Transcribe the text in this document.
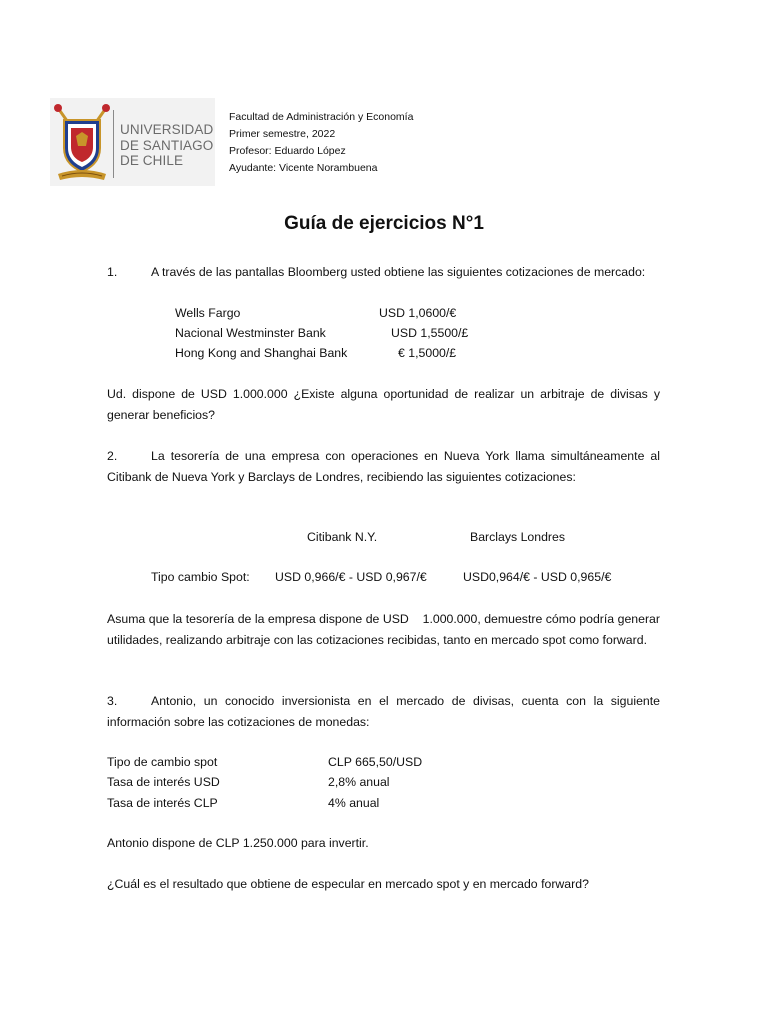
UNIVERSIDAD
DE SANTIAGO
DE CHILE
Facultad de Administración y Economía
Primer semestre, 2022
Profesor: Eduardo López
Ayudante: Vicente Norambuena
Guía de ejercicios N°1
1.	A través de las pantallas Bloomberg usted obtiene las siguientes cotizaciones de mercado:
Wells Fargo	USD 1,0600/€
Nacional Westminster Bank	USD 1,5500/£
Hong Kong and Shanghai Bank	€ 1,5000/£
Ud. dispone de USD 1.000.000 ¿Existe alguna oportunidad de realizar un arbitraje de divisas y generar beneficios?
2.	La tesorería de una empresa con operaciones en Nueva York llama simultáneamente al Citibank de Nueva York y Barclays de Londres, recibiendo las siguientes cotizaciones:
Citibank N.Y.	Barclays Londres
Tipo cambio Spot: USD 0,966/€ - USD 0,967/€	USD0,964/€ - USD 0,965/€
Asuma que la tesorería de la empresa dispone de USD    1.000.000, demuestre cómo podría generar utilidades, realizando arbitraje con las cotizaciones recibidas, tanto en mercado spot como forward.
3.	Antonio, un conocido inversionista en el mercado de divisas, cuenta con la siguiente información sobre las cotizaciones de monedas:
Tipo de cambio spot	CLP 665,50/USD
Tasa de interés USD	2,8% anual
Tasa de interés CLP	4% anual
Antonio dispone de CLP 1.250.000 para invertir.
¿Cuál es el resultado que obtiene de especular en mercado spot y en mercado forward?
